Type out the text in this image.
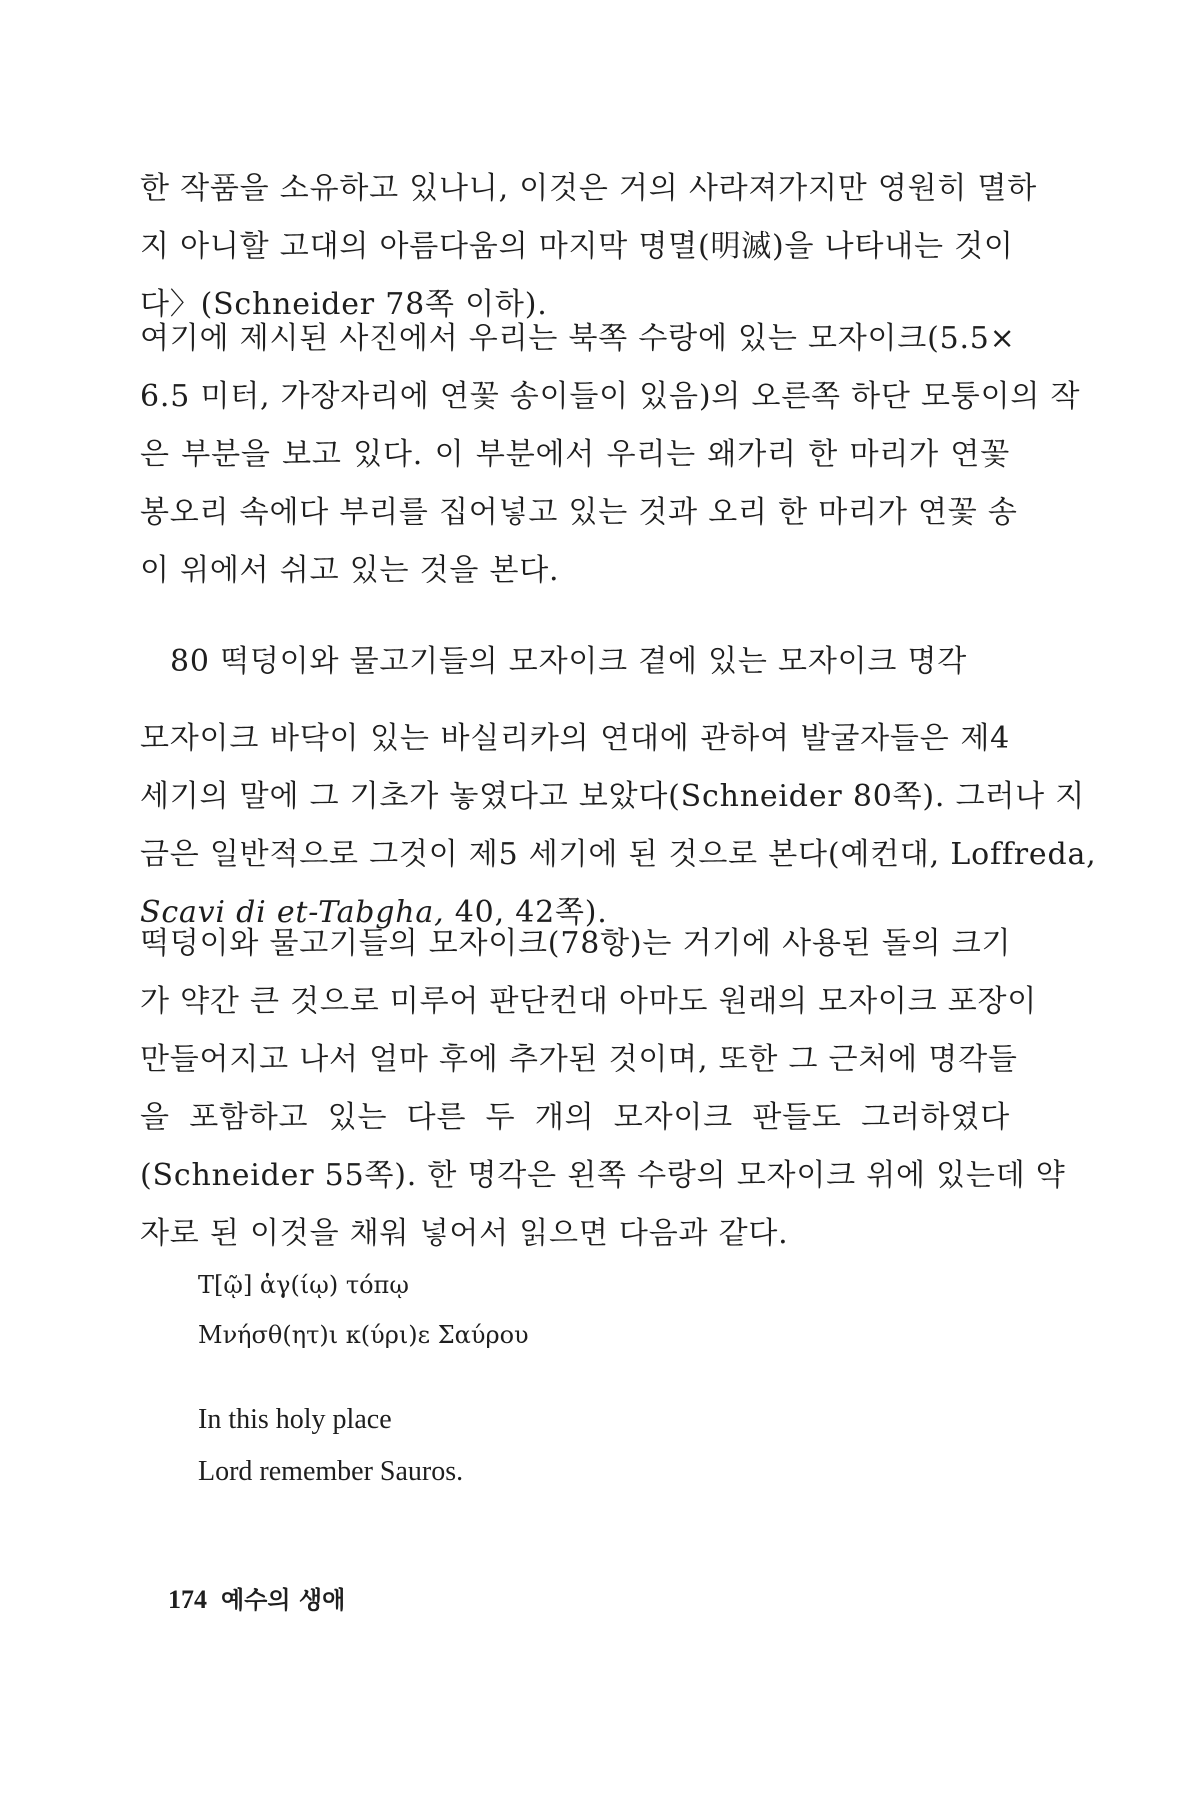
한 작품을 소유하고 있나니, 이것은 거의 사라져가지만 영원히 멸하
지 아니할 고대의 아름다움의 마지막 명멸(明滅)을 나타내는 것이
다〉(Schneider 78쪽 이하).
여기에 제시된 사진에서 우리는 북쪽 수랑에 있는 모자이크(5.5×
6.5 미터, 가장자리에 연꽃 송이들이 있음)의 오른쪽 하단 모퉁이의 작
은 부분을 보고 있다. 이 부분에서 우리는 왜가리 한 마리가 연꽃
봉오리 속에다 부리를 집어넣고 있는 것과 오리 한 마리가 연꽃 송
이 위에서 쉬고 있는 것을 본다.
80 떡덩이와 물고기들의 모자이크 곁에 있는 모자이크 명각
모자이크 바닥이 있는 바실리카의 연대에 관하여 발굴자들은 제4
세기의 말에 그 기초가 놓였다고 보았다(Schneider 80쪽). 그러나 지
금은 일반적으로 그것이 제5 세기에 된 것으로 본다(예컨대, Loffreda,
Scavi di et-Tabgha, 40, 42쪽).
떡덩이와 물고기들의 모자이크(78항)는 거기에 사용된 돌의 크기
가 약간 큰 것으로 미루어 판단컨대 아마도 원래의 모자이크 포장이
만들어지고 나서 얼마 후에 추가된 것이며, 또한 그 근처에 명각들
을 포함하고 있는 다른 두 개의 모자이크 판들도 그러하였다
(Schneider 55쪽). 한 명각은 왼쪽 수랑의 모자이크 위에 있는데 약
자로 된 이것을 채워 넣어서 읽으면 다음과 같다.
Τ[ῷ] ἁγ(ίῳ) τόπῳ
Μνήσθ(ητ)ι κ(ύρι)ε Σαύρου
In this holy place
Lord remember Sauros.
174 예수의 생애
